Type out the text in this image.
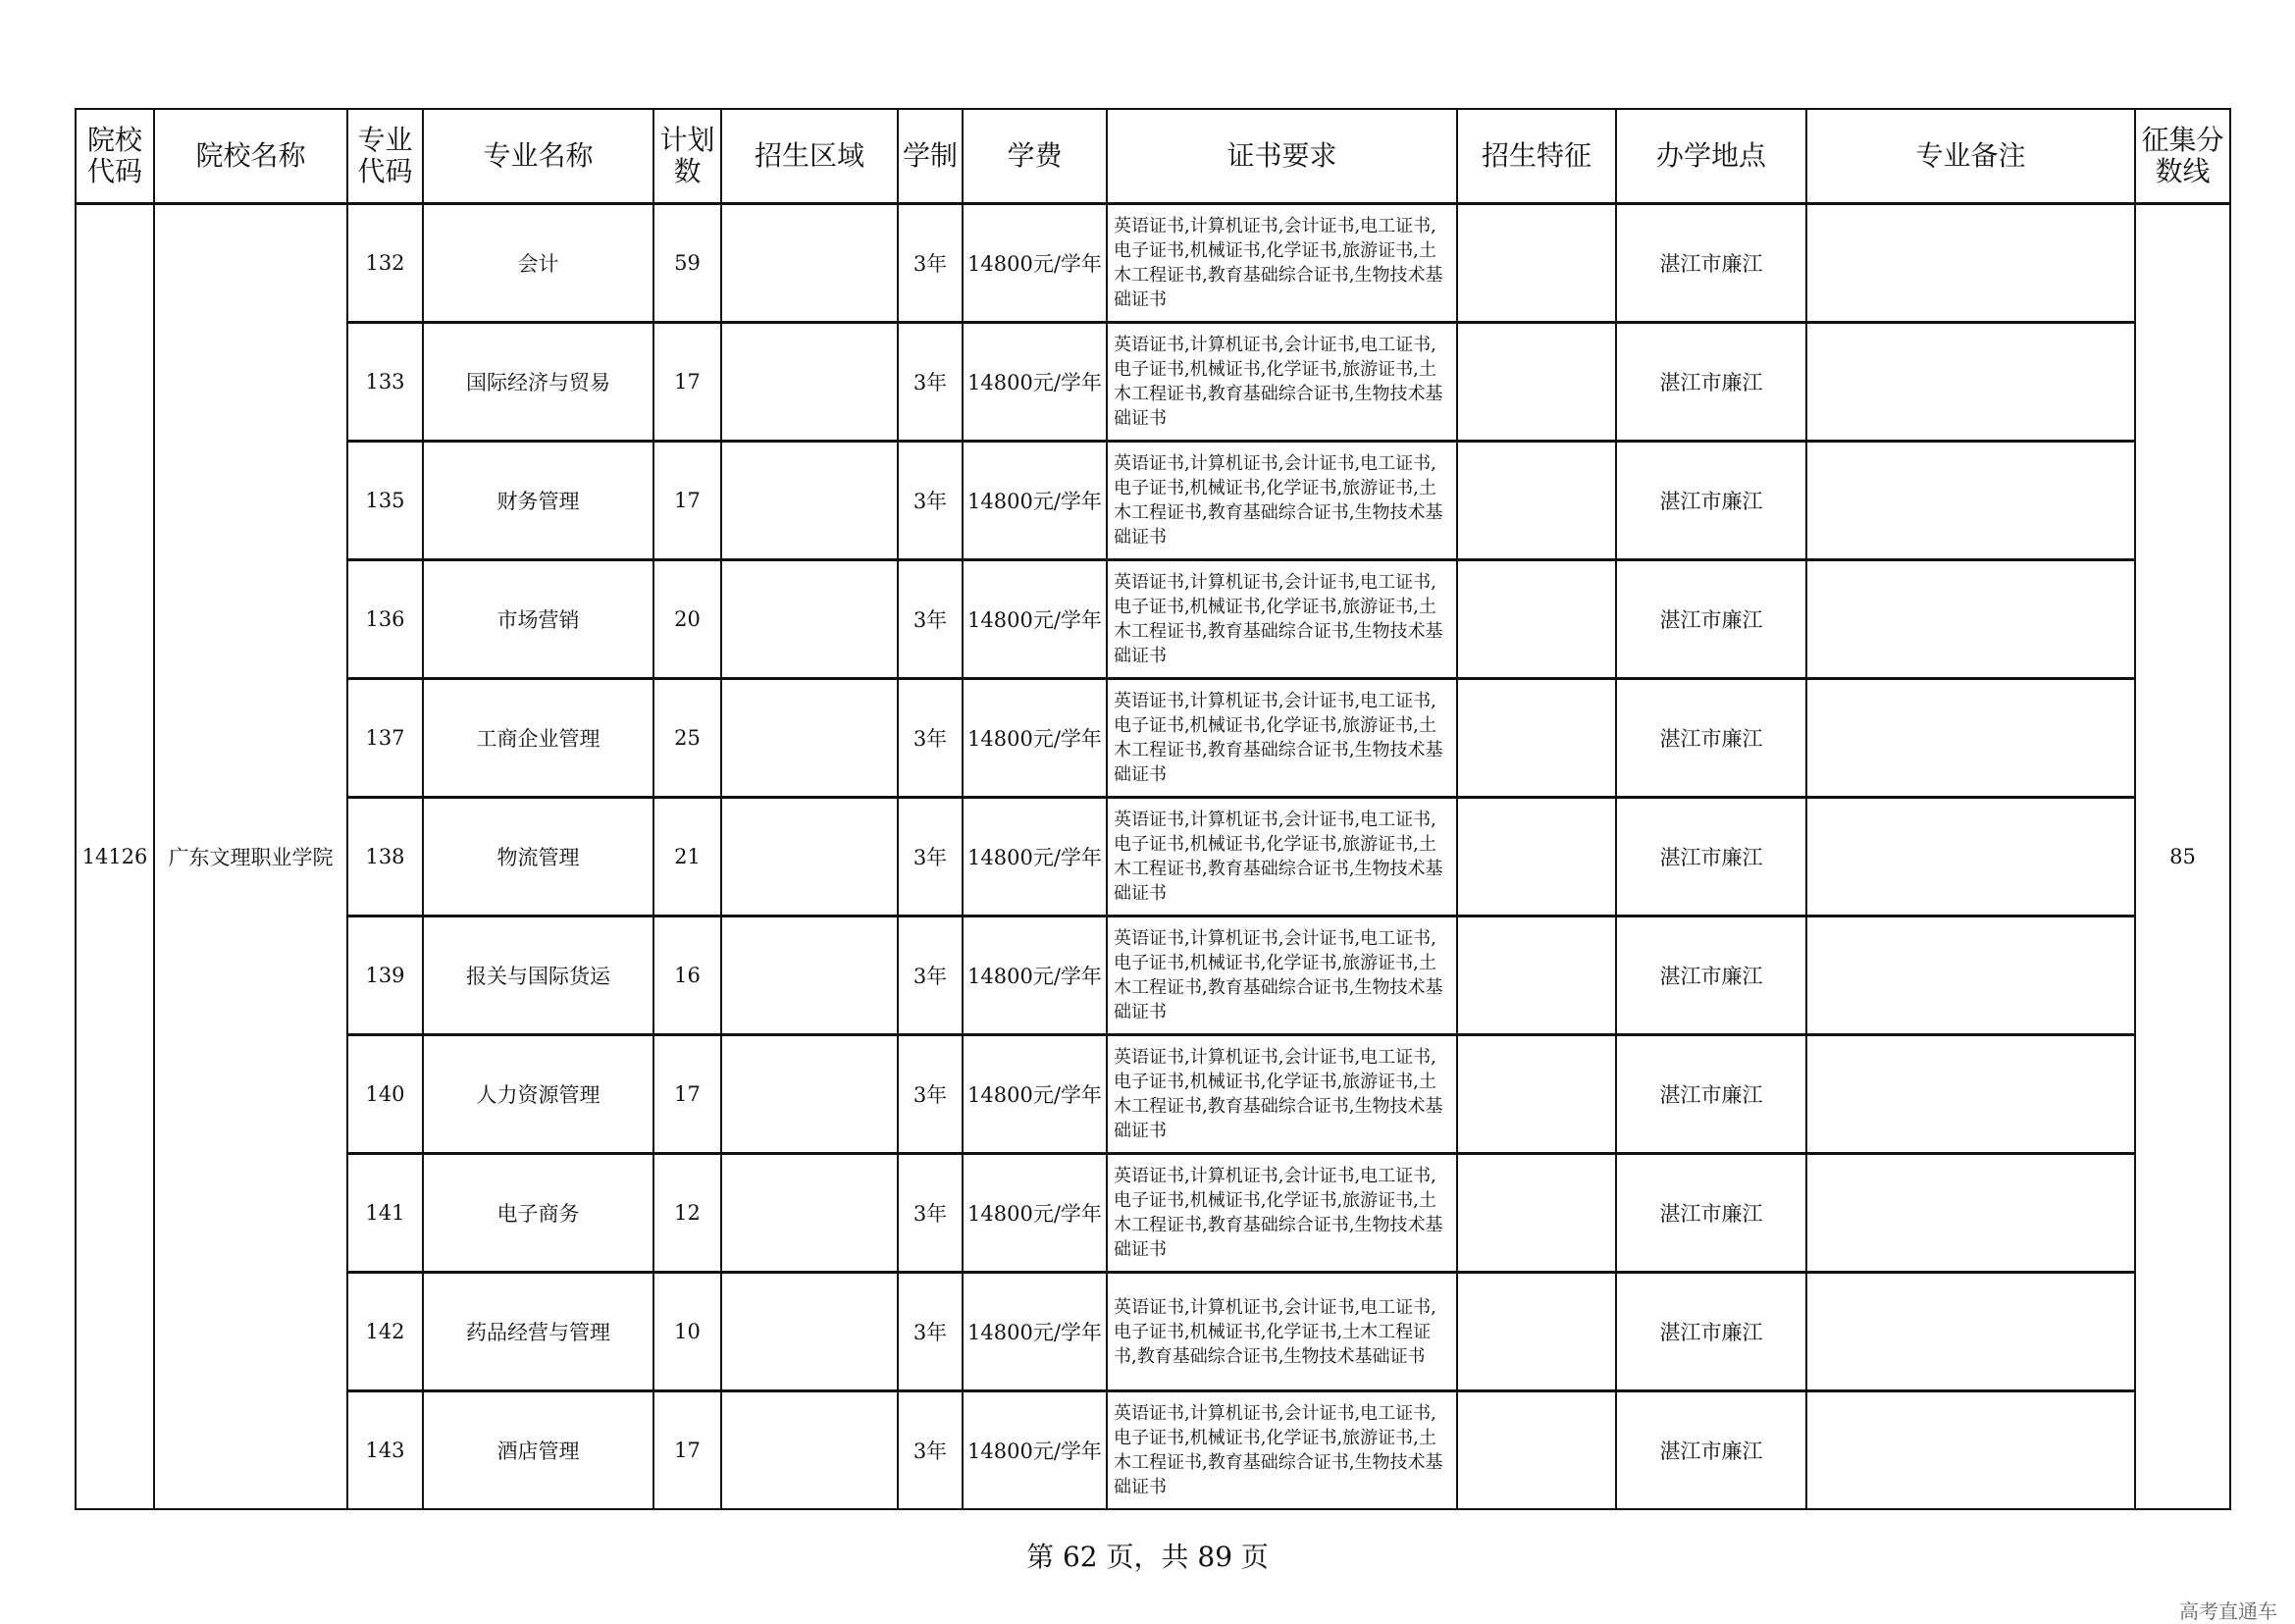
院校代码	院校名称	专业代码	专业名称	计划数	招生区域	学制	学费	证书要求	招生特征	办学地点	专业备注	征集分数线
14126	广东文理职业学院	132	会计	59		3年	14800元/学年	英语证书,计算机证书,会计证书,电工证书,电子证书,机械证书,化学证书,旅游证书,土木工程证书,教育基础综合证书,生物技术基础证书		湛江市廉江		85
		133	国际经济与贸易	17		3年	14800元/学年	英语证书,计算机证书,会计证书,电工证书,电子证书,机械证书,化学证书,旅游证书,土木工程证书,教育基础综合证书,生物技术基础证书		湛江市廉江		
		135	财务管理	17		3年	14800元/学年	英语证书,计算机证书,会计证书,电工证书,电子证书,机械证书,化学证书,旅游证书,土木工程证书,教育基础综合证书,生物技术基础证书		湛江市廉江		
		136	市场营销	20		3年	14800元/学年	英语证书,计算机证书,会计证书,电工证书,电子证书,机械证书,化学证书,旅游证书,土木工程证书,教育基础综合证书,生物技术基础证书		湛江市廉江		
		137	工商企业管理	25		3年	14800元/学年	英语证书,计算机证书,会计证书,电工证书,电子证书,机械证书,化学证书,旅游证书,土木工程证书,教育基础综合证书,生物技术基础证书		湛江市廉江		
		138	物流管理	21		3年	14800元/学年	英语证书,计算机证书,会计证书,电工证书,电子证书,机械证书,化学证书,旅游证书,土木工程证书,教育基础综合证书,生物技术基础证书		湛江市廉江		
		139	报关与国际货运	16		3年	14800元/学年	英语证书,计算机证书,会计证书,电工证书,电子证书,机械证书,化学证书,旅游证书,土木工程证书,教育基础综合证书,生物技术基础证书		湛江市廉江		
		140	人力资源管理	17		3年	14800元/学年	英语证书,计算机证书,会计证书,电工证书,电子证书,机械证书,化学证书,旅游证书,土木工程证书,教育基础综合证书,生物技术基础证书		湛江市廉江		
		141	电子商务	12		3年	14800元/学年	英语证书,计算机证书,会计证书,电工证书,电子证书,机械证书,化学证书,旅游证书,土木工程证书,教育基础综合证书,生物技术基础证书		湛江市廉江		
		142	药品经营与管理	10		3年	14800元/学年	英语证书,计算机证书,会计证书,电工证书,电子证书,机械证书,化学证书,土木工程证书,教育基础综合证书,生物技术基础证书		湛江市廉江		
		143	酒店管理	17		3年	14800元/学年	英语证书,计算机证书,会计证书,电工证书,电子证书,机械证书,化学证书,旅游证书,土木工程证书,教育基础综合证书,生物技术基础证书		湛江市廉江		
第 62 页，共 89 页
高考直通车
